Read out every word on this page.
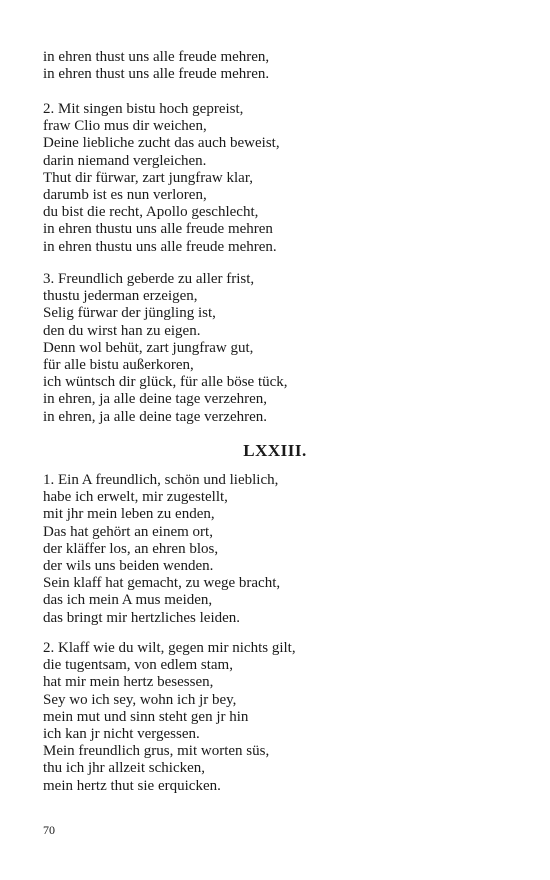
in ehren thust uns alle freude mehren,
in ehren thust uns alle freude mehren.
2. Mit singen bistu hoch gepreist,
fraw Clio mus dir weichen,
Deine liebliche zucht das auch beweist,
darin niemand vergleichen.
Thut dir fürwar, zart jungfraw klar,
darumb ist es nun verloren,
du bist die recht, Apollo geschlecht,
in ehren thustu uns alle freude mehren
in ehren thustu uns alle freude mehren.
3. Freundlich geberde zu aller frist,
thustu jederman erzeigen,
Selig fürwar der jüngling ist,
den du wirst han zu eigen.
Denn wol behüt, zart jungfraw gut,
für alle bistu außerkoren,
ich wüntsch dir glück, für alle böse tück,
in ehren, ja alle deine tage verzehren,
in ehren, ja alle deine tage verzehren.
LXXIII.
1. Ein A freundlich, schön und lieblich,
habe ich erwelt, mir zugestellt,
mit jhr mein leben zu enden,
Das hat gehört an einem ort,
der kläffer los, an ehren blos,
der wils uns beiden wenden.
Sein klaff hat gemacht, zu wege bracht,
das ich mein A mus meiden,
das bringt mir hertzliches leiden.
2. Klaff wie du wilt, gegen mir nichts gilt,
die tugentsam, von edlem stam,
hat mir mein hertz besessen,
Sey wo ich sey, wohn ich jr bey,
mein mut und sinn steht gen jr hin
ich kan jr nicht vergessen.
Mein freundlich grus, mit worten süs,
thu ich jhr allzeit schicken,
mein hertz thut sie erquicken.
70
